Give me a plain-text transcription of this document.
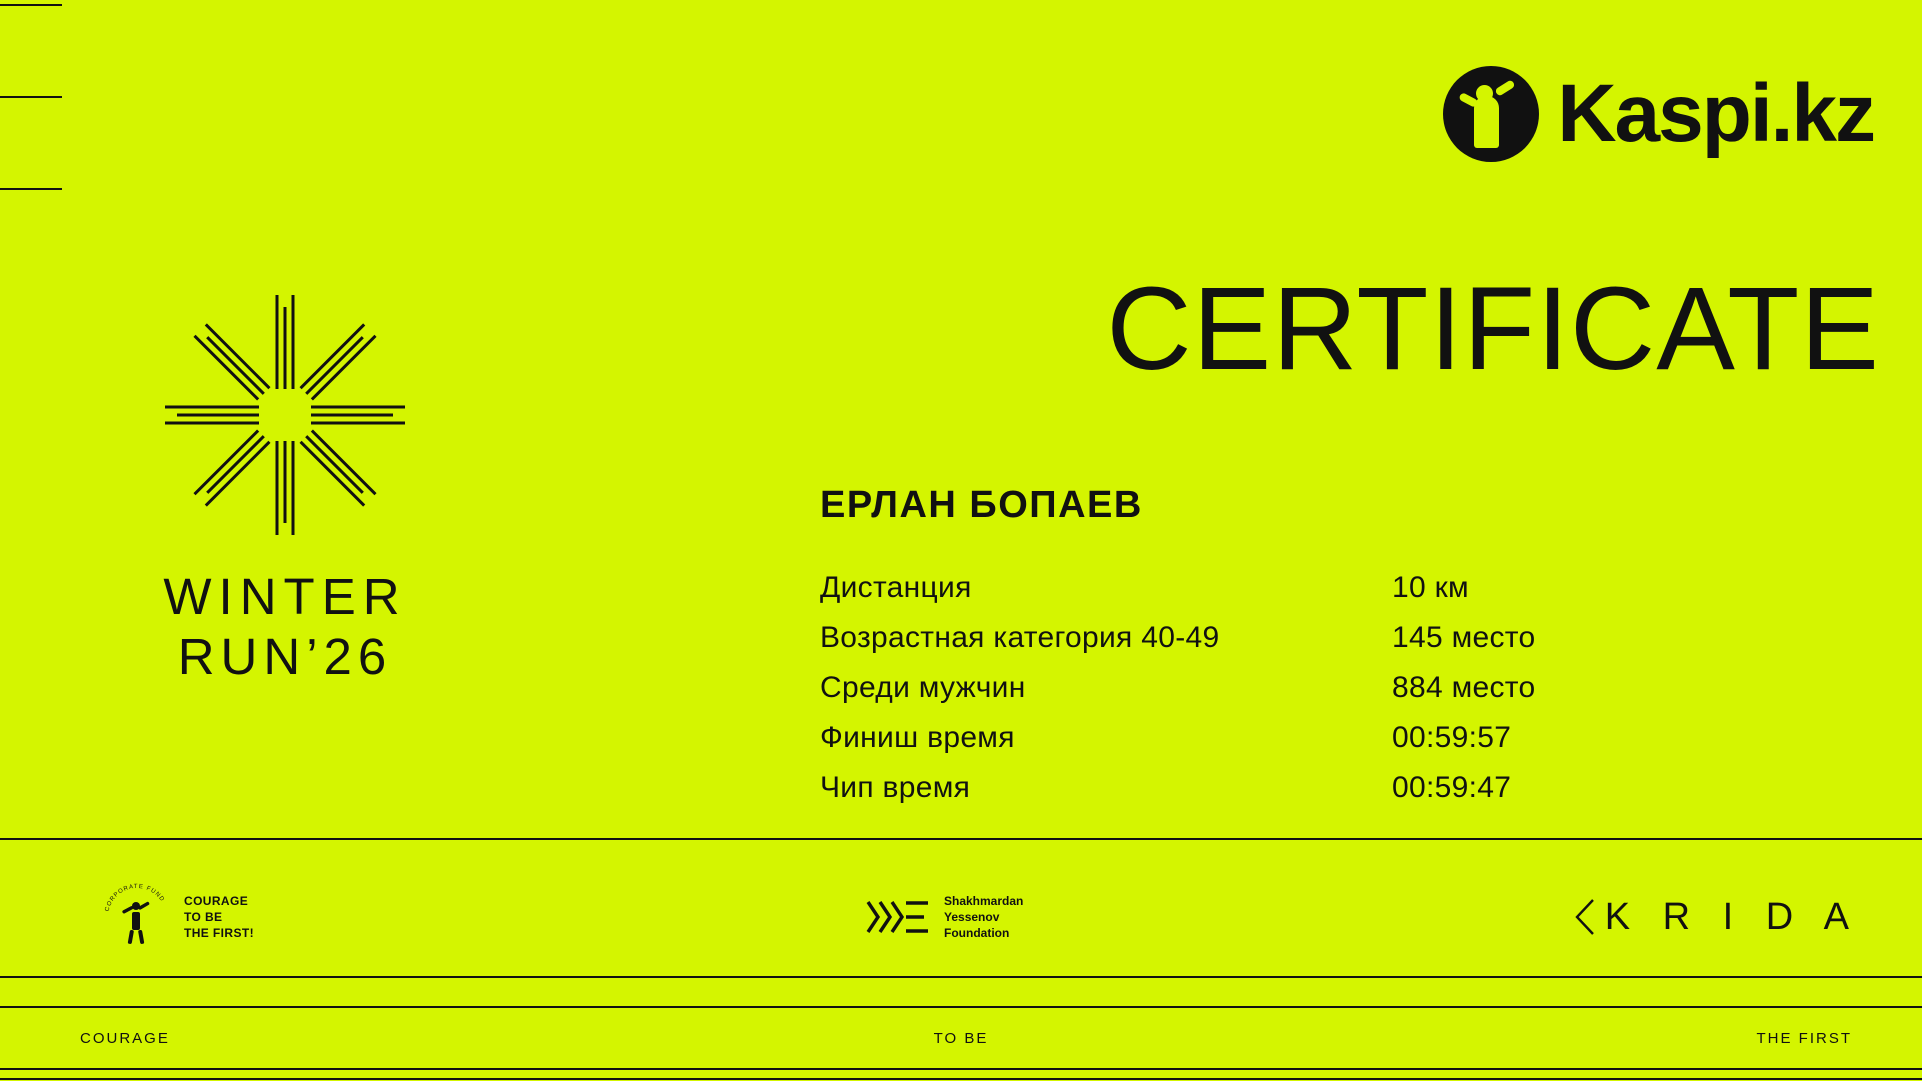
Kaspi.kz
WINTER
RUN’26
CERTIFICATE
ЕРЛАН БОПАЕВ
Дистанция	10 км
Возрастная категория 40-49	145 место
Среди мужчин	884 место
Финиш время	00:59:57
Чип время	00:59:47
CORPORATE FUND COURAGE
TO BE
THE FIRST!
Shakhmardan
Yessenov
Foundation	K R I D A
COURAGE	TO BE	THE FIRST
